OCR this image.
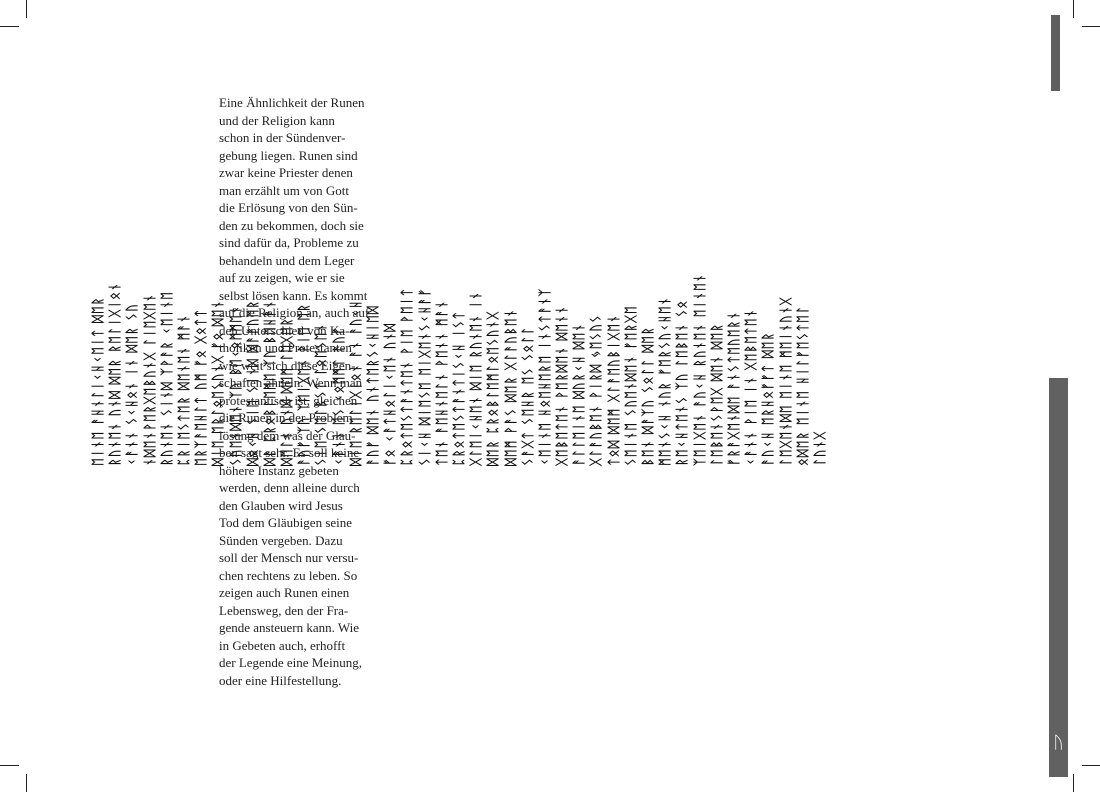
ᚢ
ᛖᛁᚾᛖ ᚨᚺᚾᛚᛁᚲᚺᚲᛖᛁᛏ ᛞᛖᚱ ᚱᚢᚾᛖᚾ ᚢᚾᛞ ᛞᛖᚱ ᚱᛖᛚᛁᚷᛁᛟᚾ ᚲᚨᚾᚾ ᛊᚲᚺᛟᚾ ᛁᚾ ᛞᛖᚱ ᛊᚢ ᚾᛞᛖᚾᚹᛖᚱᚷᛖᛒᚢᚾᚷ ᛚᛁᛖᚷᛖᚾ ᚱᚢᚾᛖᚾ ᛊᛁᚾᛞ ᛉᚹᚨᚱ ᚲᛖᛁᚾᛖ ᛈᚱᛁᛖᛊᛏᛖᚱ ᛞᛖᚾᛖᚾ ᛗᚨᚾ ᛖᚱᛉᚨᛖᚺᛚᛏ ᚢᛗ ᚠᛟ ᚷᛟᛏᛏ ᛞᛁᛖ ᛖᚱᛚᛟᛖᛊᚢᚾᚷ ᚠᛟ ᛞᛖᚾ ᛊᚢᛖᚾᛞᛖᚾ ᛉᚢ ᛒᛖᚲᛟᛗᛗᛖᚾ ᛞᛟᚲᚺ ᛊᛁᛖ ᛊᛁᚾᛞ ᛞᚨᚠᚢᛖᚱ ᛞᚨ ᛈᚱᛟᛒᛚᛖᛗᛖ ᛉᚢ ᛒᛖᚺᚨᚾ ᛞᛖᛚᚾ ᚢᚾᛞ ᛞᛖᛗ ᛚᛖᚷᛖᚱ ᚨᚢᚠ ᛉᚢ ᛉᛖᛁᚷᛖᚾ ᚹᛁᛖ ᛖᚱ ᛊᛁᛖ ᛊᛖᛚᛒᛊᛏ ᛚᛟᛖᛊᛖᚾ ᚲᚨᚾᚾ ᛖᛊ ᚲᛟᛗᛗᛏ ᚨᚢᚠ ᛞᛁᛖ ᚱᛖᛚᛁᚷᛁᛟᚾ ᚨᚾ ᚨᚢᚲᚺ ᚨᚢᚠ ᛞᛖᚾ ᚢᚾᛏᛖᚱᛊᚲᚺᛁᛖᛞ ᚠᛟ ᚲᚨᛏᚺᛟᛚᛁᚲᛖᚾ ᚢᚾᛞ ᛈᚱᛟᛏᛖᛊᛏᚨᚾᛏᛖᚾ ᚹᛁᛖ ᚹᛖᛁᛏ ᛊᛁᚲᚺ ᛞᛁᛖᛊᛖ ᛖᛁᚷᛖᚾᛊᚲᚺᚨᚠ ᛏᛖᚾ ᚨᛖᚺᚾᛖᛚᚾ ᚹᛖᚾᚾ ᛗᚨᚾ ᛈᚱᛟᛏᛖᛊᛏᚨᚾᛏᛁᛊᚲᚺ ᛁᛊᛏ ᚷᛚᛖᛁᚲᚺᛖᚾ ᛞᛁᛖ ᚱᚢᚾᛖᚾ ᛁᚾ ᛞᛖᚱ ᛈᚱᛟᛒᛚᛖᛗᛚᛟᛖᛊᚢᚾᚷ ᛞᛖᛗ ᚹᚨᛊ ᛞᛖᚱ ᚷᛚᚨᚢᛒᛖᚾ ᛊᚨᚷᛏ ᛊᛖᚺᚱ ᛖᛊ ᛊᛟᛚᛚ ᚲᛖᛁᚾᛖ ᚺᛟᛖᚺᛖᚱᛖ ᛁᚾᛊᛏᚨᚾᛉ ᚷᛖᛒᛖᛏᛖᚾ ᚹᛖᚱᛞᛖᚾ ᛞᛖᚾᚾ ᚨᛚᛚᛖᛁᚾᛖ ᛞᚢᚱᚲᚺ ᛞᛖᚾ ᚷᛚᚨᚢᛒᛖᚾ ᚹᛁᚱᛞ ᛃᛖᛊᚢᛊ ᛏᛟᛞ ᛞᛖᛗ ᚷᛚᚨᛖᚢᛒᛁᚷᛖᚾ ᛊᛖᛁᚾᛖ ᛊᚢᛖᚾᛞᛖᚾ ᚠᛖᚱᚷᛖ ᛒᛖᚾ ᛞᚨᛉᚢ ᛊᛟᛚᛚ ᛞᛖᚱ ᛗᛖᚾᛊᚲᚺ ᚾᚢᚱ ᚠᛖᚱᛊᚢᚲᚺᛖᚾ ᚱᛖᚲᚺᛏᛖᚾᛊ ᛉᚢ ᛚᛖᛒᛖᚾ ᛊᛟ ᛉᛖᛁᚷᛖᚾ ᚨᚢᚲᚺ ᚱᚢᚾᛖᚾ ᛖᛁᚾᛖᚾ ᛚᛖᛒᛖᚾᛊᚹᛖᚷ ᛞᛖᚾ ᛞᛖᚱ ᚠᚱᚨᚷᛖᚾᛞᛖ ᚨᚾᛊᛏᛖᚢᛖᚱᚾ ᚲᚨᚾᚾ ᚹᛁᛖ ᛁᚾ ᚷᛖᛒᛖᛏᛖᚾ ᚨᚢᚲᚺ ᛖᚱᚺᛟᚠᚠᛏ ᛞᛖᚱ ᛚᛖᚷᛖᚾᛞᛖ ᛖᛁᚾᛖ ᛗᛖᛁᚾᚢᚾᚷ ᛟᛞᛖᚱ ᛖᛁᚾᛖ ᚺᛁᛚᚠᛖᛊᛏᛖᛚ ᛚᚢᚾᚷ
Eine Ähnlichkeit der Runen
und der Religion kann
schon in der Sündenver-
gebung liegen. Runen sind
zwar keine Priester denen
man erzählt um von Gott
die Erlösung von den Sün-
den zu bekommen, doch sie
sind dafür da, Probleme zu
behandeln und dem Leger
auf zu zeigen, wie er sie
selbst lösen kann. Es kommt
auf die Religion an, auch auf
den Unterschied von Ka-
tholiken und Protestanten
wie weit sich diese Eigen-
schaften ähneln. Wenn man
protestantisch ist, gleichen
die Runen in der Problem-
lösung dem was der Glau-
ben sagt sehr. Es soll keine
höhere Instanz gebeten
werden, denn alleine durch
den Glauben wird Jesus
Tod dem Gläubigen seine
Sünden vergeben. Dazu
soll der Mensch nur versu-
chen rechtens zu leben. So
zeigen auch Runen einen
Lebensweg, den der Fra-
gende ansteuern kann. Wie
in Gebeten auch, erhofft
der Legende eine Meinung,
oder eine Hilfestellung.
